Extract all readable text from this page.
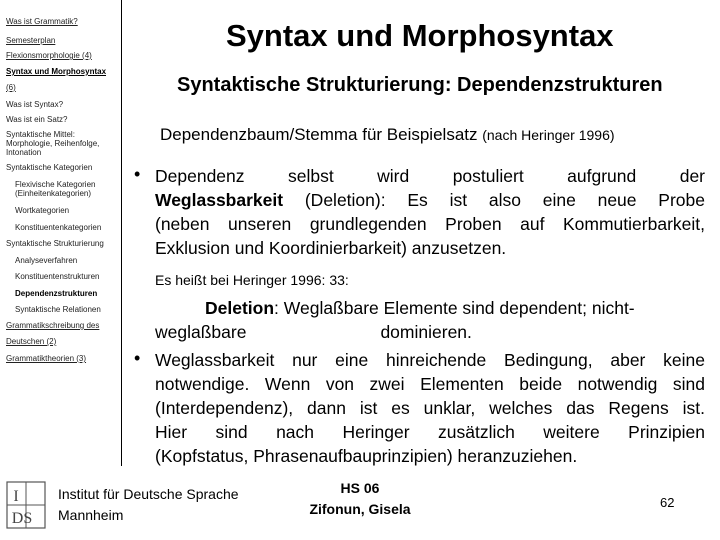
Was ist Grammatik?
Semesterplan
Flexionsmorphologie (4)
Syntax und Morphosyntax
(6)
Was ist Syntax?
Was ist ein Satz?
Syntaktische Mittel: Morphologie, Reihenfolge, Intonation
Syntaktische Kategorien
Flexivische Kategorien (Einheitenkategorien)
Wortkategorien
Konstituentenkategorien
Syntaktische Strukturierung
Analyseverfahren
Konstituentenstrukturen
Dependenzstrukturen
Syntaktische Relationen
Grammatikschreibung des
Deutschen (2)
Grammatiktheorien (3)
Syntax und Morphosyntax
Syntaktische Strukturierung: Dependenzstrukturen
Dependenzbaum/Stemma für Beispielsatz (nach Heringer 1996)
• Dependenz selbst wird postuliert aufgrund der
Weglassbarkeit (Deletion): Es ist also eine neue Probe
(neben unseren grundlegenden Proben auf Kommutierbarkeit,
Exklusion und Koordinierbarkeit) anzusetzen.
Es heißt bei Heringer 1996: 33:
Deletion: Weglaßbare Elemente sind dependent; nicht-
weglaßbare	dominieren.
• Weglassbarkeit nur eine hinreichende Bedingung, aber keine
notwendige. Wenn von zwei Elementen beide notwendig sind
(Interdependenz), dann ist es unklar, welches das Regens ist.
Hier sind nach Heringer zusätzlich weitere Prinzipien
(Kopfstatus, Phrasenaufbauprinzipien) heranzuziehen.
I
DS
Institut für Deutsche Sprache
Mannheim
HS 06
Zifonun, Gisela	62
